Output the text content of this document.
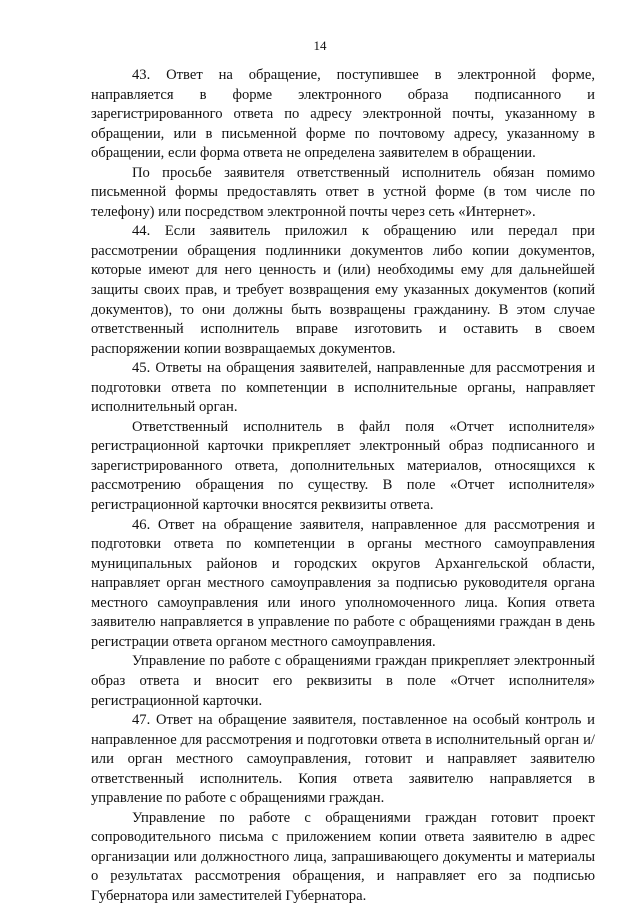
14

43. Ответ на обращение, поступившее в электронной форме, направляется в форме электронного образа подписанного и зарегистрированного ответа по адресу электронной почты, указанному в обращении, или в письменной форме по почтовому адресу, указанному в обращении, если форма ответа не определена заявителем в обращении.

По просьбе заявителя ответственный исполнитель обязан помимо письменной формы предоставлять ответ в устной форме (в том числе по телефону) или посредством электронной почты через сеть «Интернет».

44. Если заявитель приложил к обращению или передал при рассмотрении обращения подлинники документов либо копии документов, которые имеют для него ценность и (или) необходимы ему для дальнейшей защиты своих прав, и требует возвращения ему указанных документов (копий документов), то они должны быть возвращены гражданину. В этом случае ответственный исполнитель вправе изготовить и оставить в своем распоряжении копии возвращаемых документов.

45. Ответы на обращения заявителей, направленные для рассмотрения и подготовки ответа по компетенции в исполнительные органы, направляет исполнительный орган.

Ответственный исполнитель в файл поля «Отчет исполнителя» регистрационной карточки прикрепляет электронный образ подписанного и зарегистрированного ответа, дополнительных материалов, относящихся к рассмотрению обращения по существу. В поле «Отчет исполнителя» регистрационной карточки вносятся реквизиты ответа.

46. Ответ на обращение заявителя, направленное для рассмотрения и подготовки ответа по компетенции в органы местного самоуправления муниципальных районов и городских округов Архангельской области, направляет орган местного самоуправления за подписью руководителя органа местного самоуправления или иного уполномоченного лица. Копия ответа заявителю направляется в управление по работе с обращениями граждан в день регистрации ответа органом местного самоуправления.

Управление по работе с обращениями граждан прикрепляет электронный образ ответа и вносит его реквизиты в поле «Отчет исполнителя» регистрационной карточки.

47. Ответ на обращение заявителя, поставленное на особый контроль и направленное для рассмотрения и подготовки ответа в исполнительный орган и/или орган местного самоуправления, готовит и направляет заявителю ответственный исполнитель. Копия ответа заявителю направляется в управление по работе с обращениями граждан.

Управление по работе с обращениями граждан готовит проект сопроводительного письма с приложением копии ответа заявителю в адрес организации или должностного лица, запрашивающего документы и материалы о результатах рассмотрения обращения, и направляет его за подписью Губернатора или заместителей Губернатора.
